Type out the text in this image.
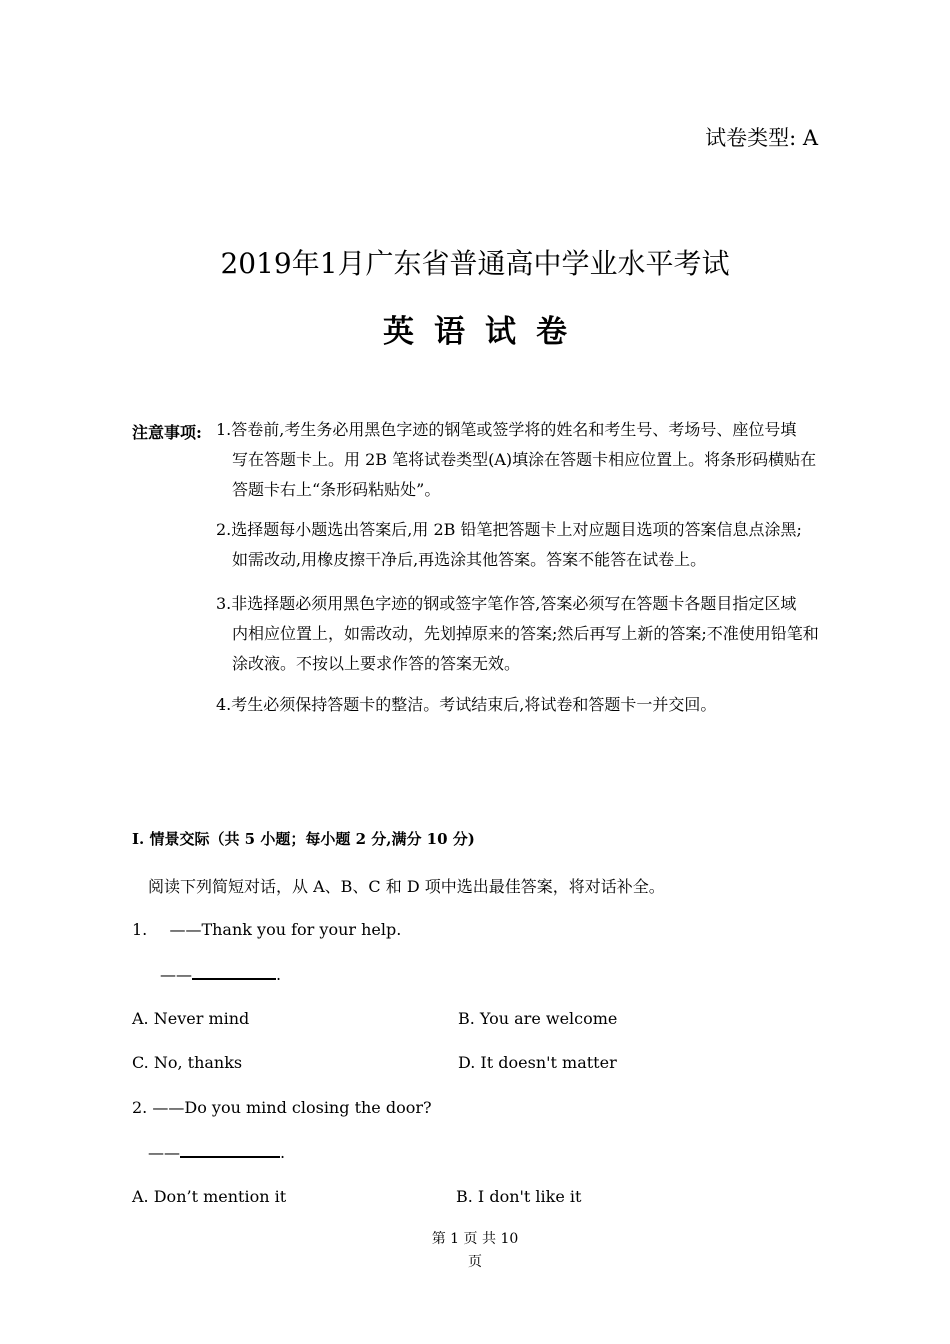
试卷类型: A
2019年1月广东省普通高中学业水平考试
英语试卷
注意事项: 1.答卷前,考生务必用黑色字迹的钢笔或签学将的姓名和考生号、考场号、座位号填
写在答题卡上。用 2B 笔将试卷类型(A)填涂在答题卡相应位置上。将条形码横贴在答题卡右上“条形码粘贴处”。
2.选择题每小题选出答案后,用 2B 铅笔把答题卡上对应题目选项的答案信息点涂黑;
如需改动,用橡皮擦干净后,再选涂其他答案。答案不能答在试卷上。
3.非选择题必须用黑色字迹的钢或签字笔作答,答案必须写在答题卡各题目指定区域
内相应位置上，如需改动，先划掉原来的答案;然后再写上新的答案;不准使用铅笔和涂改液。不按以上要求作答的答案无效。
4.考生必须保持答题卡的整洁。考试结束后,将试卷和答题卡一并交回。
I. 情景交际（共 5 小题；每小题 2 分,满分 10 分)
阅读下列简短对话，从 A、B、C 和 D 项中选出最佳答案，将对话补全。
1. ——Thank you for your help.
——	.
A. Never mind	B. You are welcome
C. No, thanks	D. It doesn't matter
2. ——Do you mind closing the door?
——	.
A. Don’t mention it	B. I don't like it
第 1 页 共 10
页
